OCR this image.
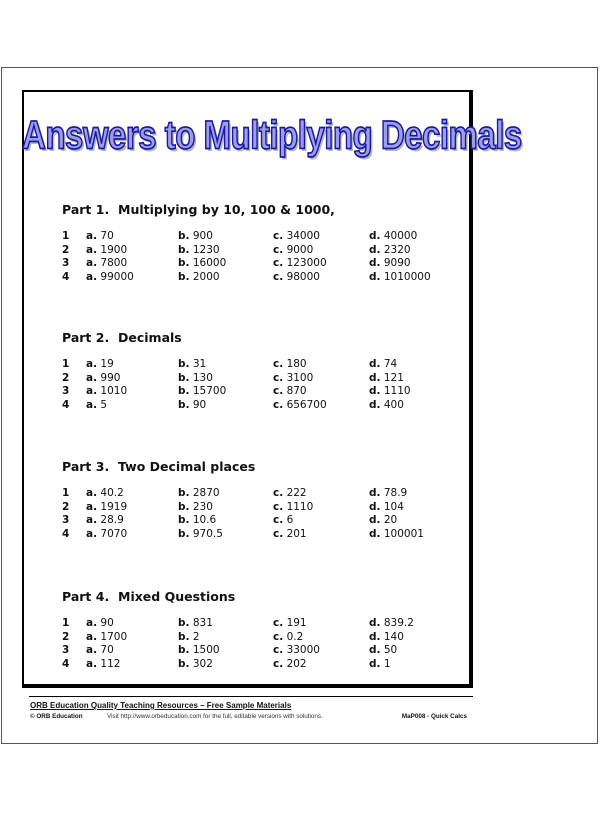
Answers to Multiplying Decimals
Part 1. Multiplying by 10, 100 & 1000,
1 a. 70	b. 900	c. 34000	d. 40000
2 a. 1900	b. 1230	c. 9000	d. 2320
3 a. 7800	b. 16000	c. 123000	d. 9090
4 a. 99000	b. 2000	c. 98000	d. 1010000
Part 2. Decimals
1 a. 19	b. 31	c. 180	d. 74
2 a. 990	b. 130	c. 3100	d. 121
3 a. 1010	b. 15700	c. 870	d. 1110
4 a. 5	b. 90	c. 656700	d. 400
Part 3. Two Decimal places
1 a. 40.2	b. 2870	c. 222	d. 78.9
2 a. 1919	b. 230	c. 1110	d. 104
3 a. 28.9	b. 10.6	c. 6	d. 20
4 a. 7070	b. 970.5	c. 201	d. 100001
Part 4. Mixed Questions
1 a. 90	b. 831	c. 191	d. 839.2
2 a. 1700	b. 2	c. 0.2	d. 140
3 a. 70	b. 1500	c. 33000	d. 50
4 a. 112	b. 302	c. 202	d. 1
ORB Education Quality Teaching Resources – Free Sample Materials
© ORB Education	Visit http://www.orbeducation.com for the full, editable versions with solutions.	MaP008 - Quick Calcs
